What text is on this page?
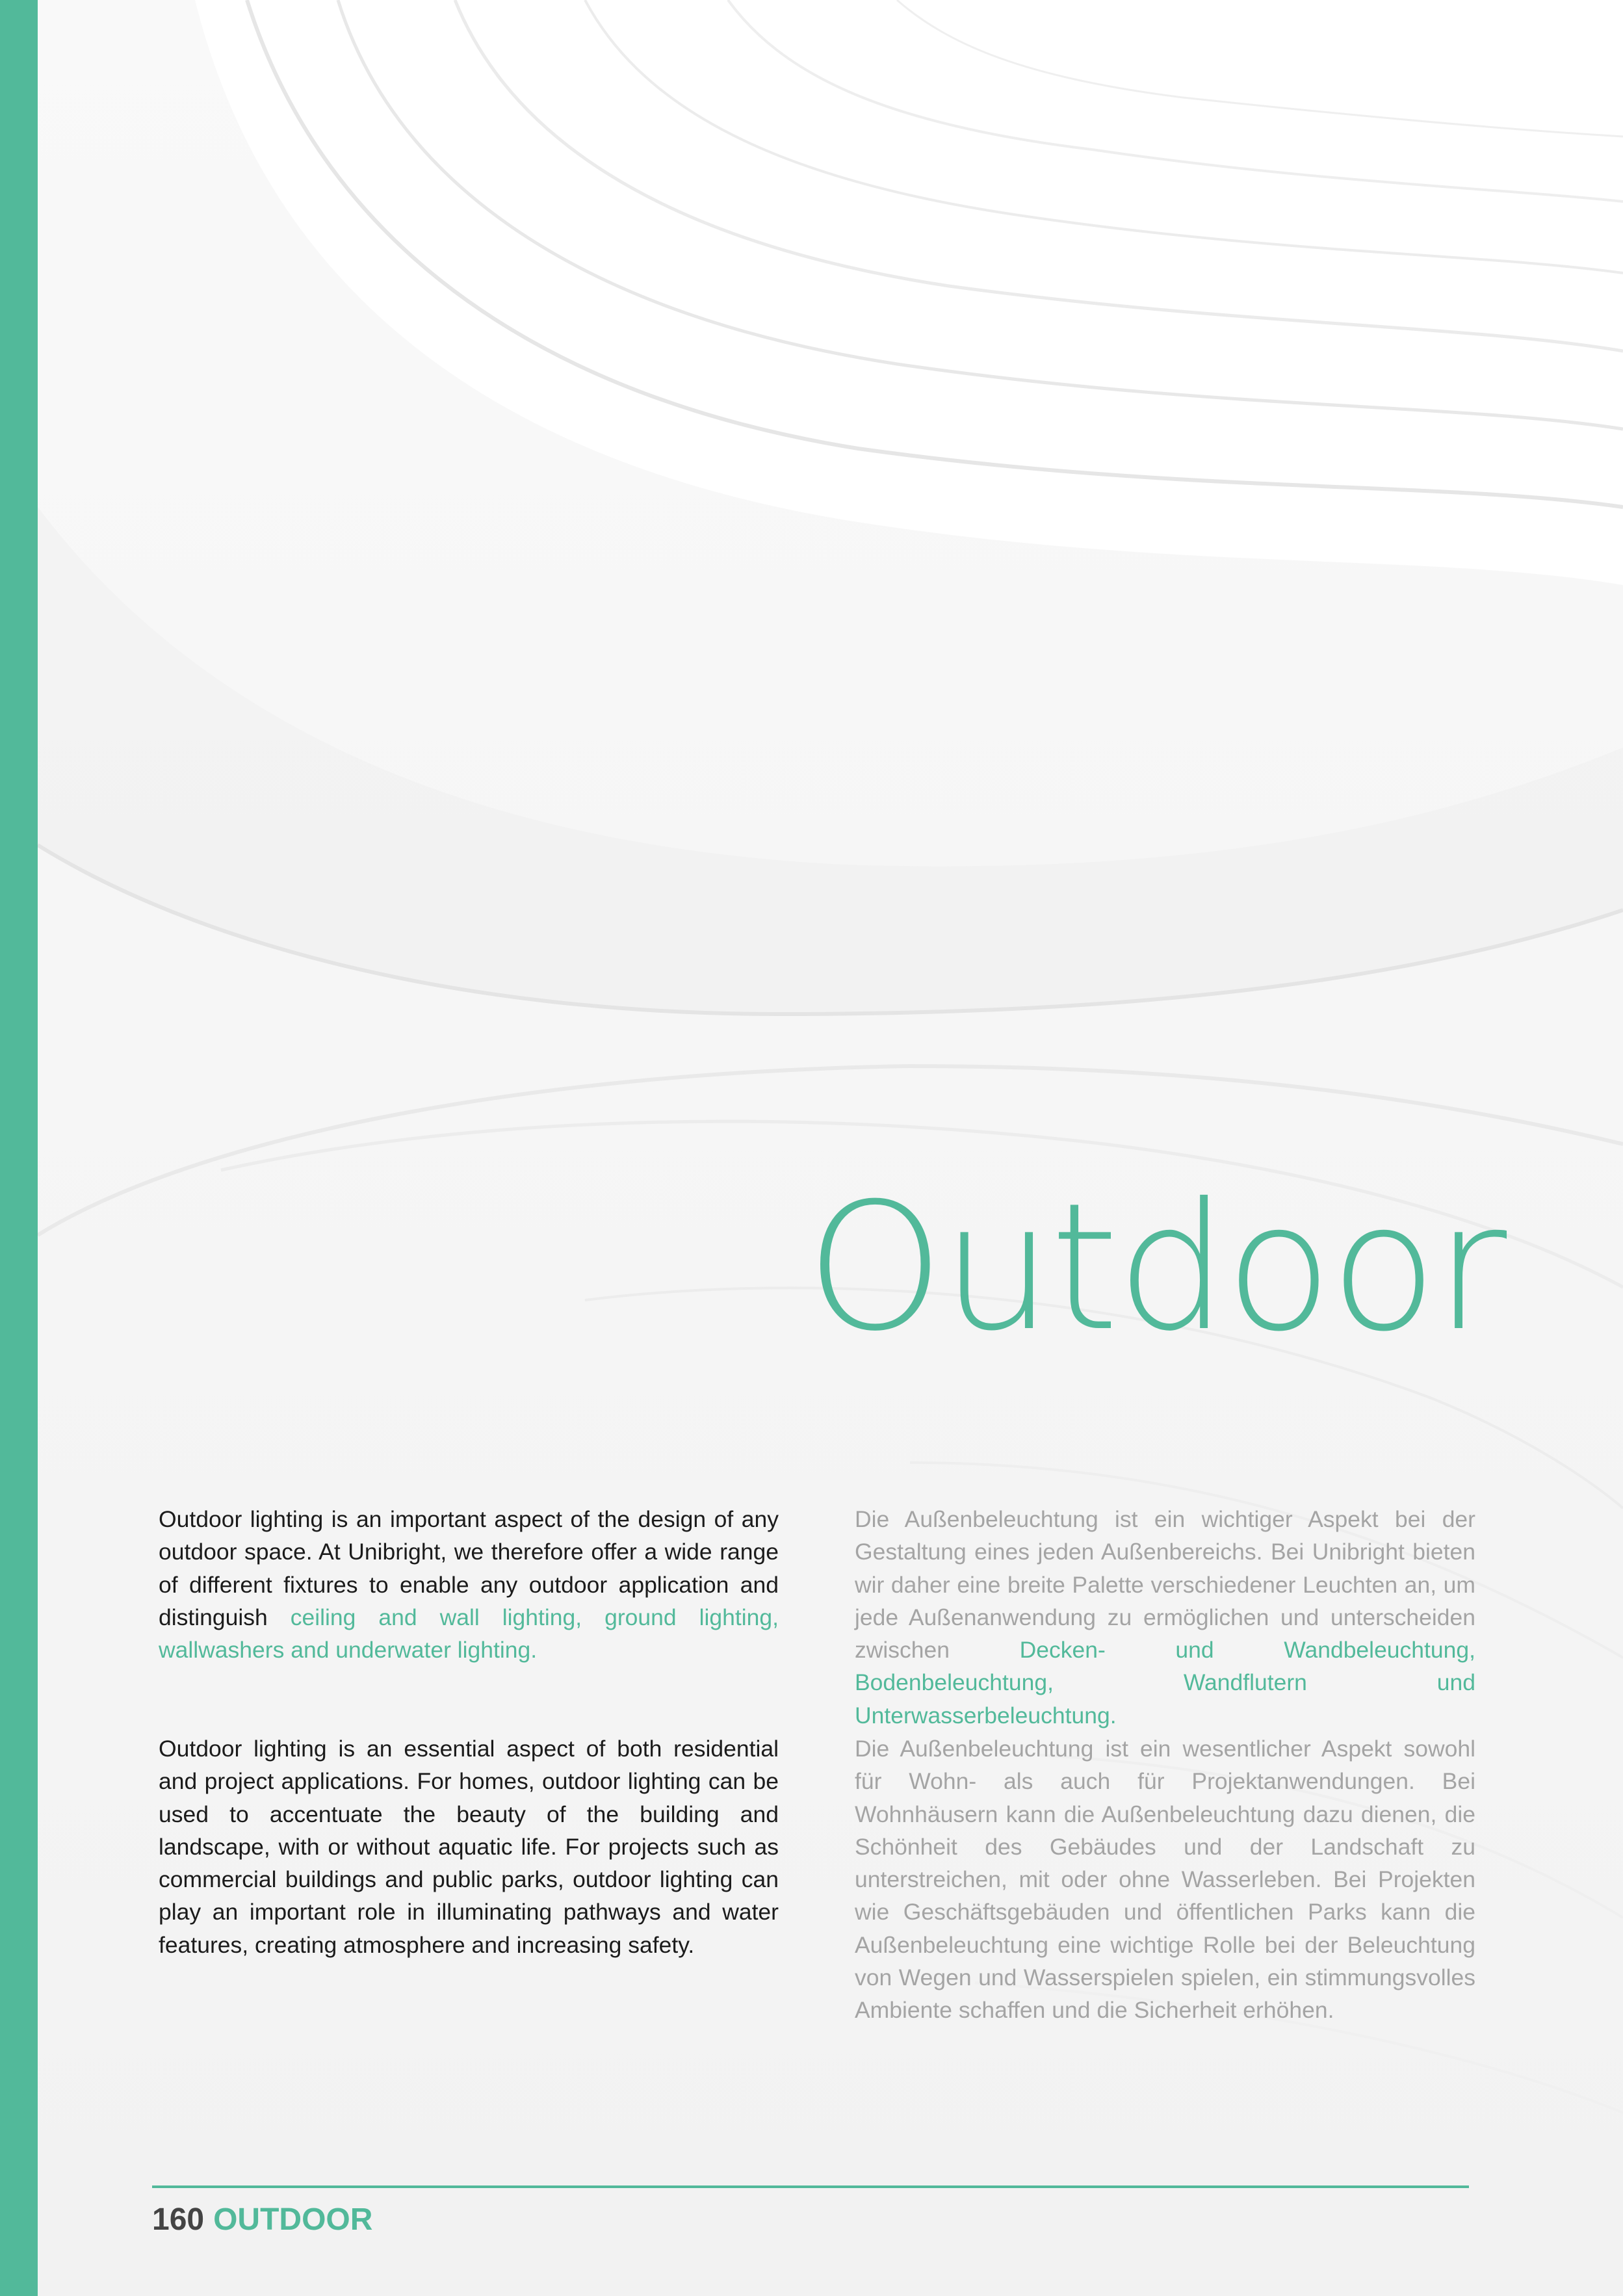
Outdoor

Outdoor lighting is an important aspect of the design of any outdoor space. At Unibright, we therefore offer a wide range of different fixtures to enable any outdoor application and distinguish ceiling and wall lighting, ground lighting, wallwashers and underwater lighting.

Outdoor lighting is an essential aspect of both residential and project applications. For homes, outdoor lighting can be used to accentuate the beauty of the building and landscape, with or without aquatic life. For projects such as commercial buildings and public parks, outdoor lighting can play an important role in illuminating pathways and water features, creating atmosphere and increasing safety.

Die Außenbeleuchtung ist ein wichtiger Aspekt bei der Gestaltung eines jeden Außenbereichs. Bei Unibright bieten wir daher eine breite Palette verschiedener Leuchten an, um jede Außenanwendung zu ermöglichen und unterscheiden zwischen Decken- und Wandbeleuchtung, Bodenbeleuchtung, Wandflutern und Unterwasserbeleuchtung.

Die Außenbeleuchtung ist ein wesentlicher Aspekt sowohl für Wohn- als auch für Projektanwendungen. Bei Wohnhäusern kann die Außenbeleuchtung dazu dienen, die Schönheit des Gebäudes und der Landschaft zu unterstreichen, mit oder ohne Wasserleben. Bei Projekten wie Geschäftsgebäuden und öffentlichen Parks kann die Außenbeleuchtung eine wichtige Rolle bei der Beleuchtung von Wegen und Wasserspielen spielen, ein stimmungsvolles Ambiente schaffen und die Sicherheit erhöhen.

160 OUTDOOR
